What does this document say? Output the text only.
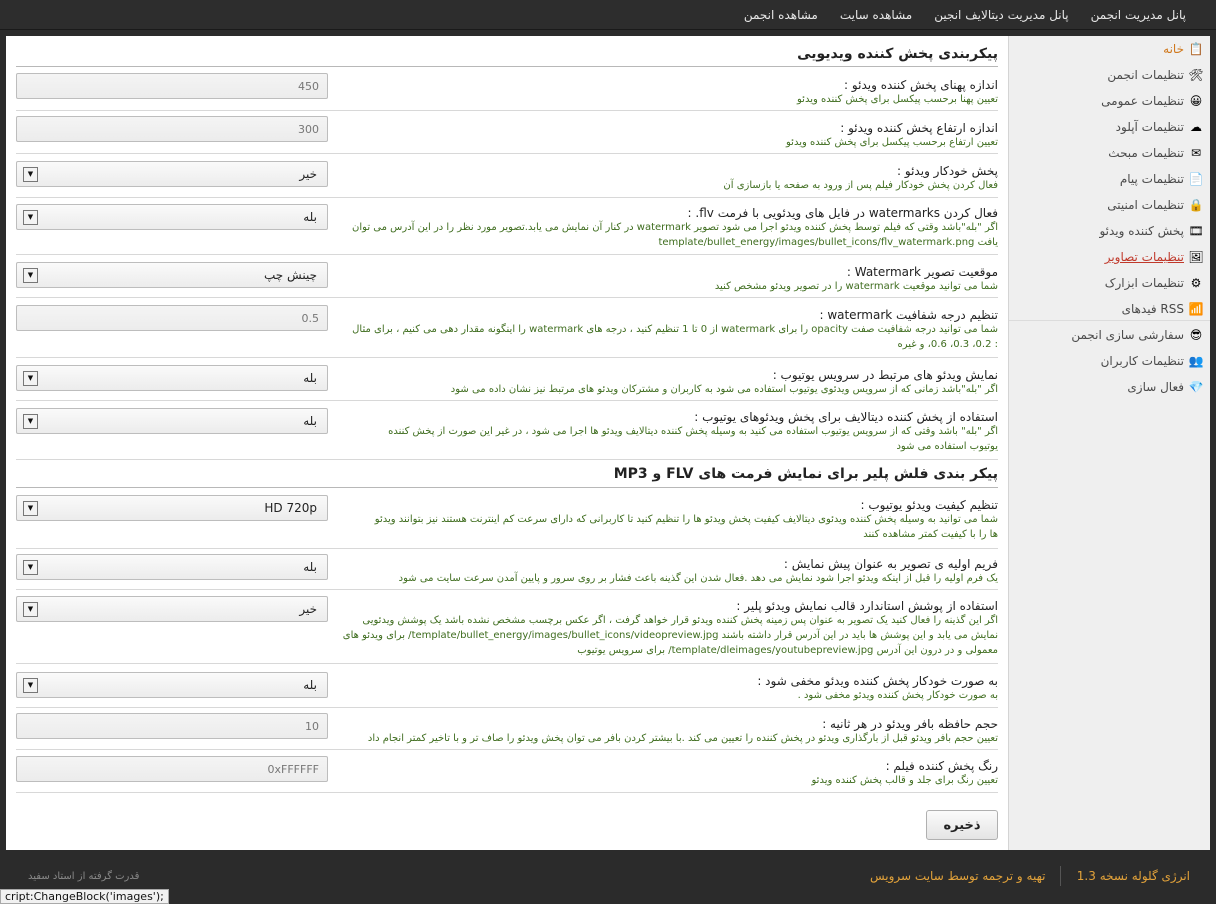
پانل مدیریت انجمن
پانل مدیریت دیتالایف انجین
مشاهده سایت
مشاهده انجمن
📋
خانه
🛠
تنظیمات انجمن
😀
تنظیمات عمومی
☁
تنظیمات آپلود
✉
تنظیمات مبحث
📄
تنظیمات پیام
🔒
تنظیمات امنیتی
🎞
پخش کننده ویدئو
🖼
تنظیمات تصاویر
⚙
تنظیمات ابزارک
📶
فیدهای RSS
😎
سفارشی سازی انجمن
👥
تنظیمات کاربران
💎
فعال سازی
پیکربندی پخش کننده ویدیویی
اندازه پهنای پخش کننده ویدئو :
تعیین پهنا برحسب پیکسل برای پخش کننده ویدئو
450
اندازه ارتفاع پخش کننده ویدئو :
تعیین ارتفاع برحسب پیکسل برای پخش کننده ویدئو
300
پخش خودکار ویدئو :
فعال کردن پخش خودکار فیلم پس از ورود به صفحه یا بازسازی آن
خیر
▼
فعال کردن watermarks در فایل های ویدئویی با فرمت flv. :
اگر "بله"باشد وقتی که فیلم توسط پخش کننده ویدئو اجرا می شود تصویر watermark در کنار آن نمایش می یابد.تصویر مورد نظر را در این آدرس می توان
یافت template/bullet_energy/images/bullet_icons/flv_watermark.png
بله
▼
موقعیت تصویر Watermark :
شما می توانید موقعیت watermark را در تصویر ویدئو مشخص کنید
چینش چپ
▼
تنظیم درجه شفافیت watermark :
شما می توانید درجه شفافیت صفت opacity را برای watermark از 0 تا 1 تنظیم کنید ، درجه های watermark را اینگونه مقدار دهی می کنیم ، برای مثال
: 0.2، 0.3، 0.6، و غیره
0.5
نمایش ویدئو های مرتبط در سرویس یوتیوب :
اگر "بله"باشد زمانی که از سرویس ویدئوی یوتیوب استفاده می شود به کاربران و مشترکان ویدئو های مرتبط نیز نشان داده می شود
بله
▼
استفاده از پخش کننده دیتالایف برای پخش ویدئوهای یوتیوب :
اگر "بله" باشد وقتی که از سرویس یوتیوب استفاده می کنید به وسیله پخش کننده دیتالایف ویدئو ها اجرا می شود ، در غیر این صورت از پخش کننده
یوتیوب استفاده می شود
بله
▼
تنظیم کیفیت ویدئو یوتیوب :
شما می توانید به وسیله پخش کننده ویدئوی دیتالایف کیفیت پخش ویدئو ها را تنظیم کنید تا کاربرانی که دارای سرعت کم اینترنت هستند نیز بتوانند ویدئو
ها را با کیفیت کمتر مشاهده کنند
HD 720p
▼
فریم اولیه ی تصویر به عنوان پیش نمایش :
یک فرم اولیه را قبل از اینکه ویدئو اجرا شود نمایش می دهد .فعال شدن این گذینه باعث فشار بر روی سرور و پایین آمدن سرعت سایت می شود
بله
▼
استفاده از پوشش استاندارد قالب نمایش ویدئو پلیر :
اگر این گذینه را فعال کنید یک تصویر به عنوان پس زمینه پخش کننده ویدئو قرار خواهد گرفت ، اگر عکس برچسب مشخص نشده باشد یک پوشش ویدئویی
نمایش می یابد و این پوشش ها باید در این آدرس قرار داشته باشند template/bullet_energy/images/bullet_icons/videopreview.jpg/ برای ویدئو های
معمولی و در درون این آدرس template/dleimages/youtubepreview.jpg/ برای سرویس یوتیوب
خیر
▼
به صورت خودکار پخش کننده ویدئو مخفی شود :
به صورت خودکار پخش کننده ویدئو مخفی شود .
بله
▼
حجم حافظه بافر ویدئو در هر ثانیه :
تعیین حجم بافر ویدئو قبل از بارگذاری ویدئو در پخش کننده را تعیین می کند .با بیشتر کردن بافر می توان پخش ویدئو را صاف تر و با تاخیر کمتر انجام داد
10
رنگ پخش کننده فیلم :
تعیین رنگ برای جلد و قالب پخش کننده ویدئو
0xFFFFFF
پیکر بندی فلش پلیر برای نمایش فرمت های FLV و MP3
ذخیره
انرژی گلوله نسخه 1.3
تهیه و ترجمه توسط سایت سرویس
قدرت گرفته از استاد سفید
cript:ChangeBlock('images');
